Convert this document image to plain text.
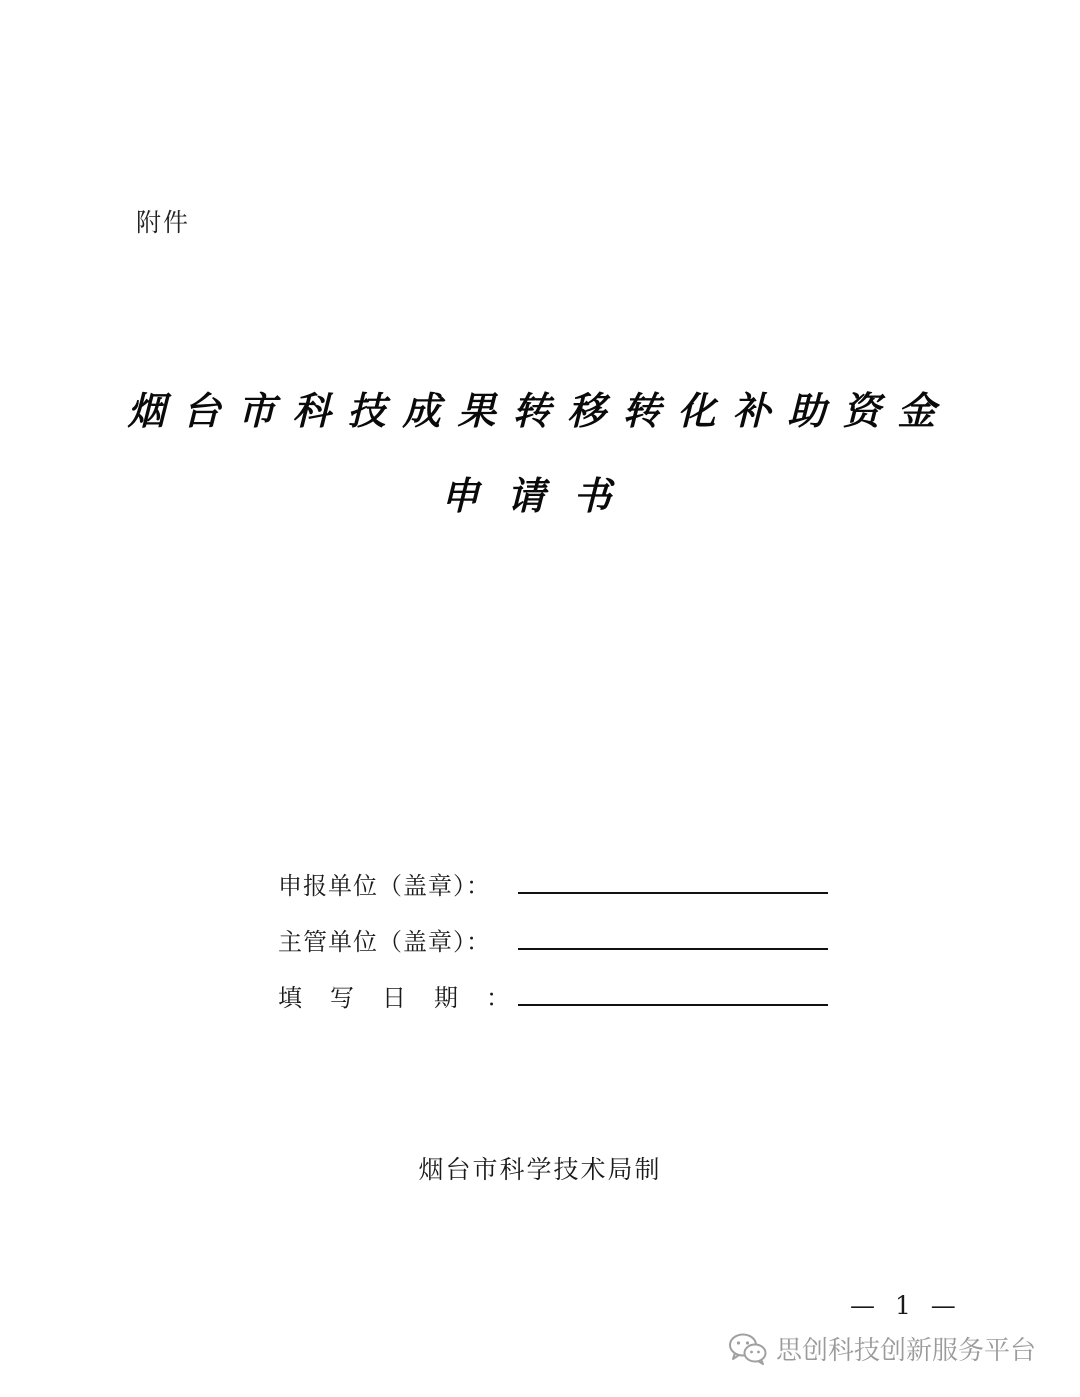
附件
烟台市科技成果转移转化补助资金
申请书
申报单位（盖章）：
主管单位（盖章）：
填写日期：
烟台市科学技术局制
— 1 —
思创科技创新服务平台
